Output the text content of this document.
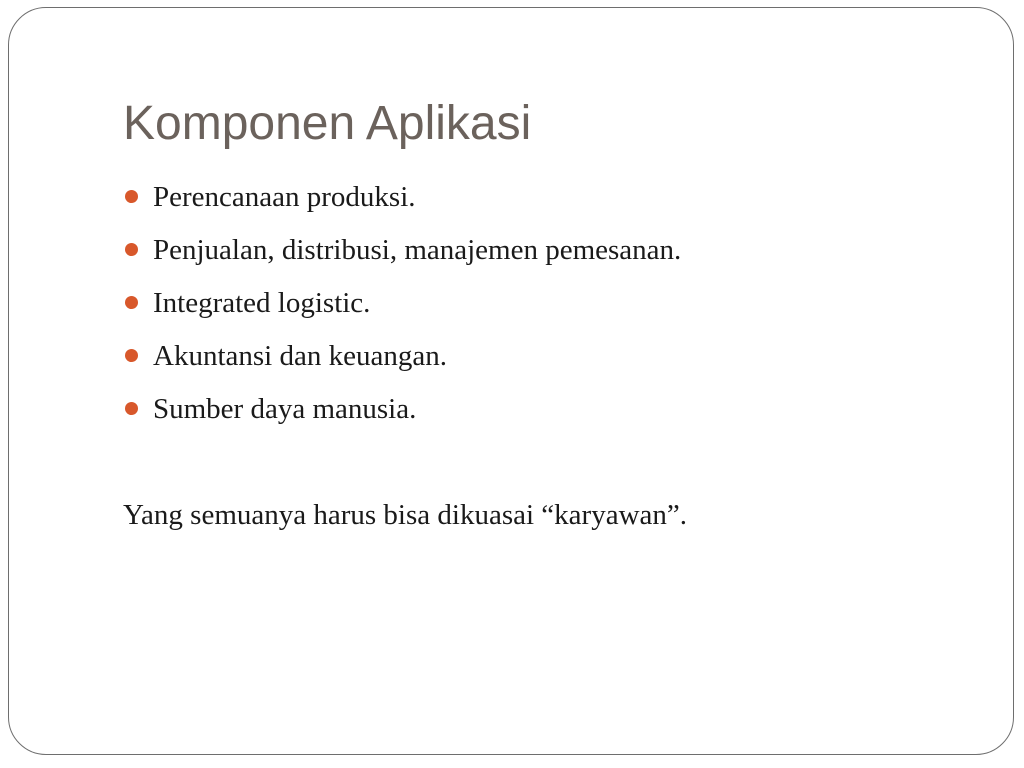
Komponen Aplikasi
Perencanaan produksi.
Penjualan, distribusi, manajemen pemesanan.
Integrated logistic.
Akuntansi dan keuangan.
Sumber daya manusia.

Yang semuanya harus bisa dikuasai “karyawan”.
